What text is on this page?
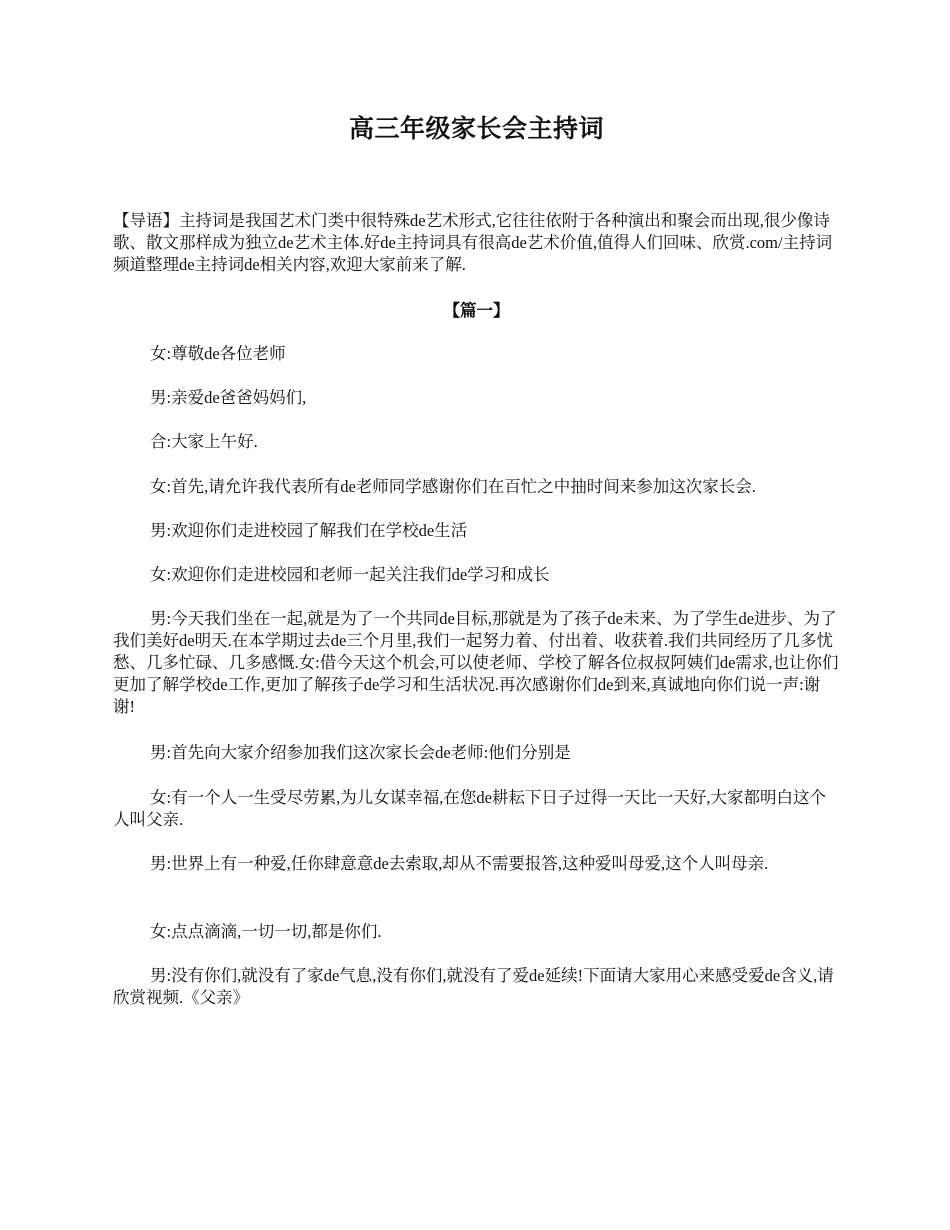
高三年级家长会主持词
【导语】主持词是我国艺术门类中很特殊de艺术形式,它往往依附于各种演出和聚会而出现,很少像诗歌、散文那样成为独立de艺术主体.好de主持词具有很高de艺术价值,值得人们回味、欣赏.com/主持词频道整理de主持词de相关内容,欢迎大家前来了解.
【篇一】
女:尊敬de各位老师
男:亲爱de爸爸妈妈们,
合:大家上午好.
女:首先,请允许我代表所有de老师同学感谢你们在百忙之中抽时间来参加这次家长会.
男:欢迎你们走进校园了解我们在学校de生活
女:欢迎你们走进校园和老师一起关注我们de学习和成长
男:今天我们坐在一起,就是为了一个共同de目标,那就是为了孩子de未来、为了学生de进步、为了我们美好de明天.在本学期过去de三个月里,我们一起努力着、付出着、收获着.我们共同经历了几多忧愁、几多忙碌、几多感慨.女:借今天这个机会,可以使老师、学校了解各位叔叔阿姨们de需求,也让你们更加了解学校de工作,更加了解孩子de学习和生活状况.再次感谢你们de到来,真诚地向你们说一声:谢谢!
男:首先向大家介绍参加我们这次家长会de老师:他们分别是
女:有一个人一生受尽劳累,为儿女谋幸福,在您de耕耘下日子过得一天比一天好,大家都明白这个人叫父亲.
男:世界上有一种爱,任你肆意意de去索取,却从不需要报答,这种爱叫母爱,这个人叫母亲.
女:点点滴滴,一切一切,都是你们.
男:没有你们,就没有了家de气息,没有你们,就没有了爱de延续!下面请大家用心来感受爱de含义,请欣赏视频.《父亲》
